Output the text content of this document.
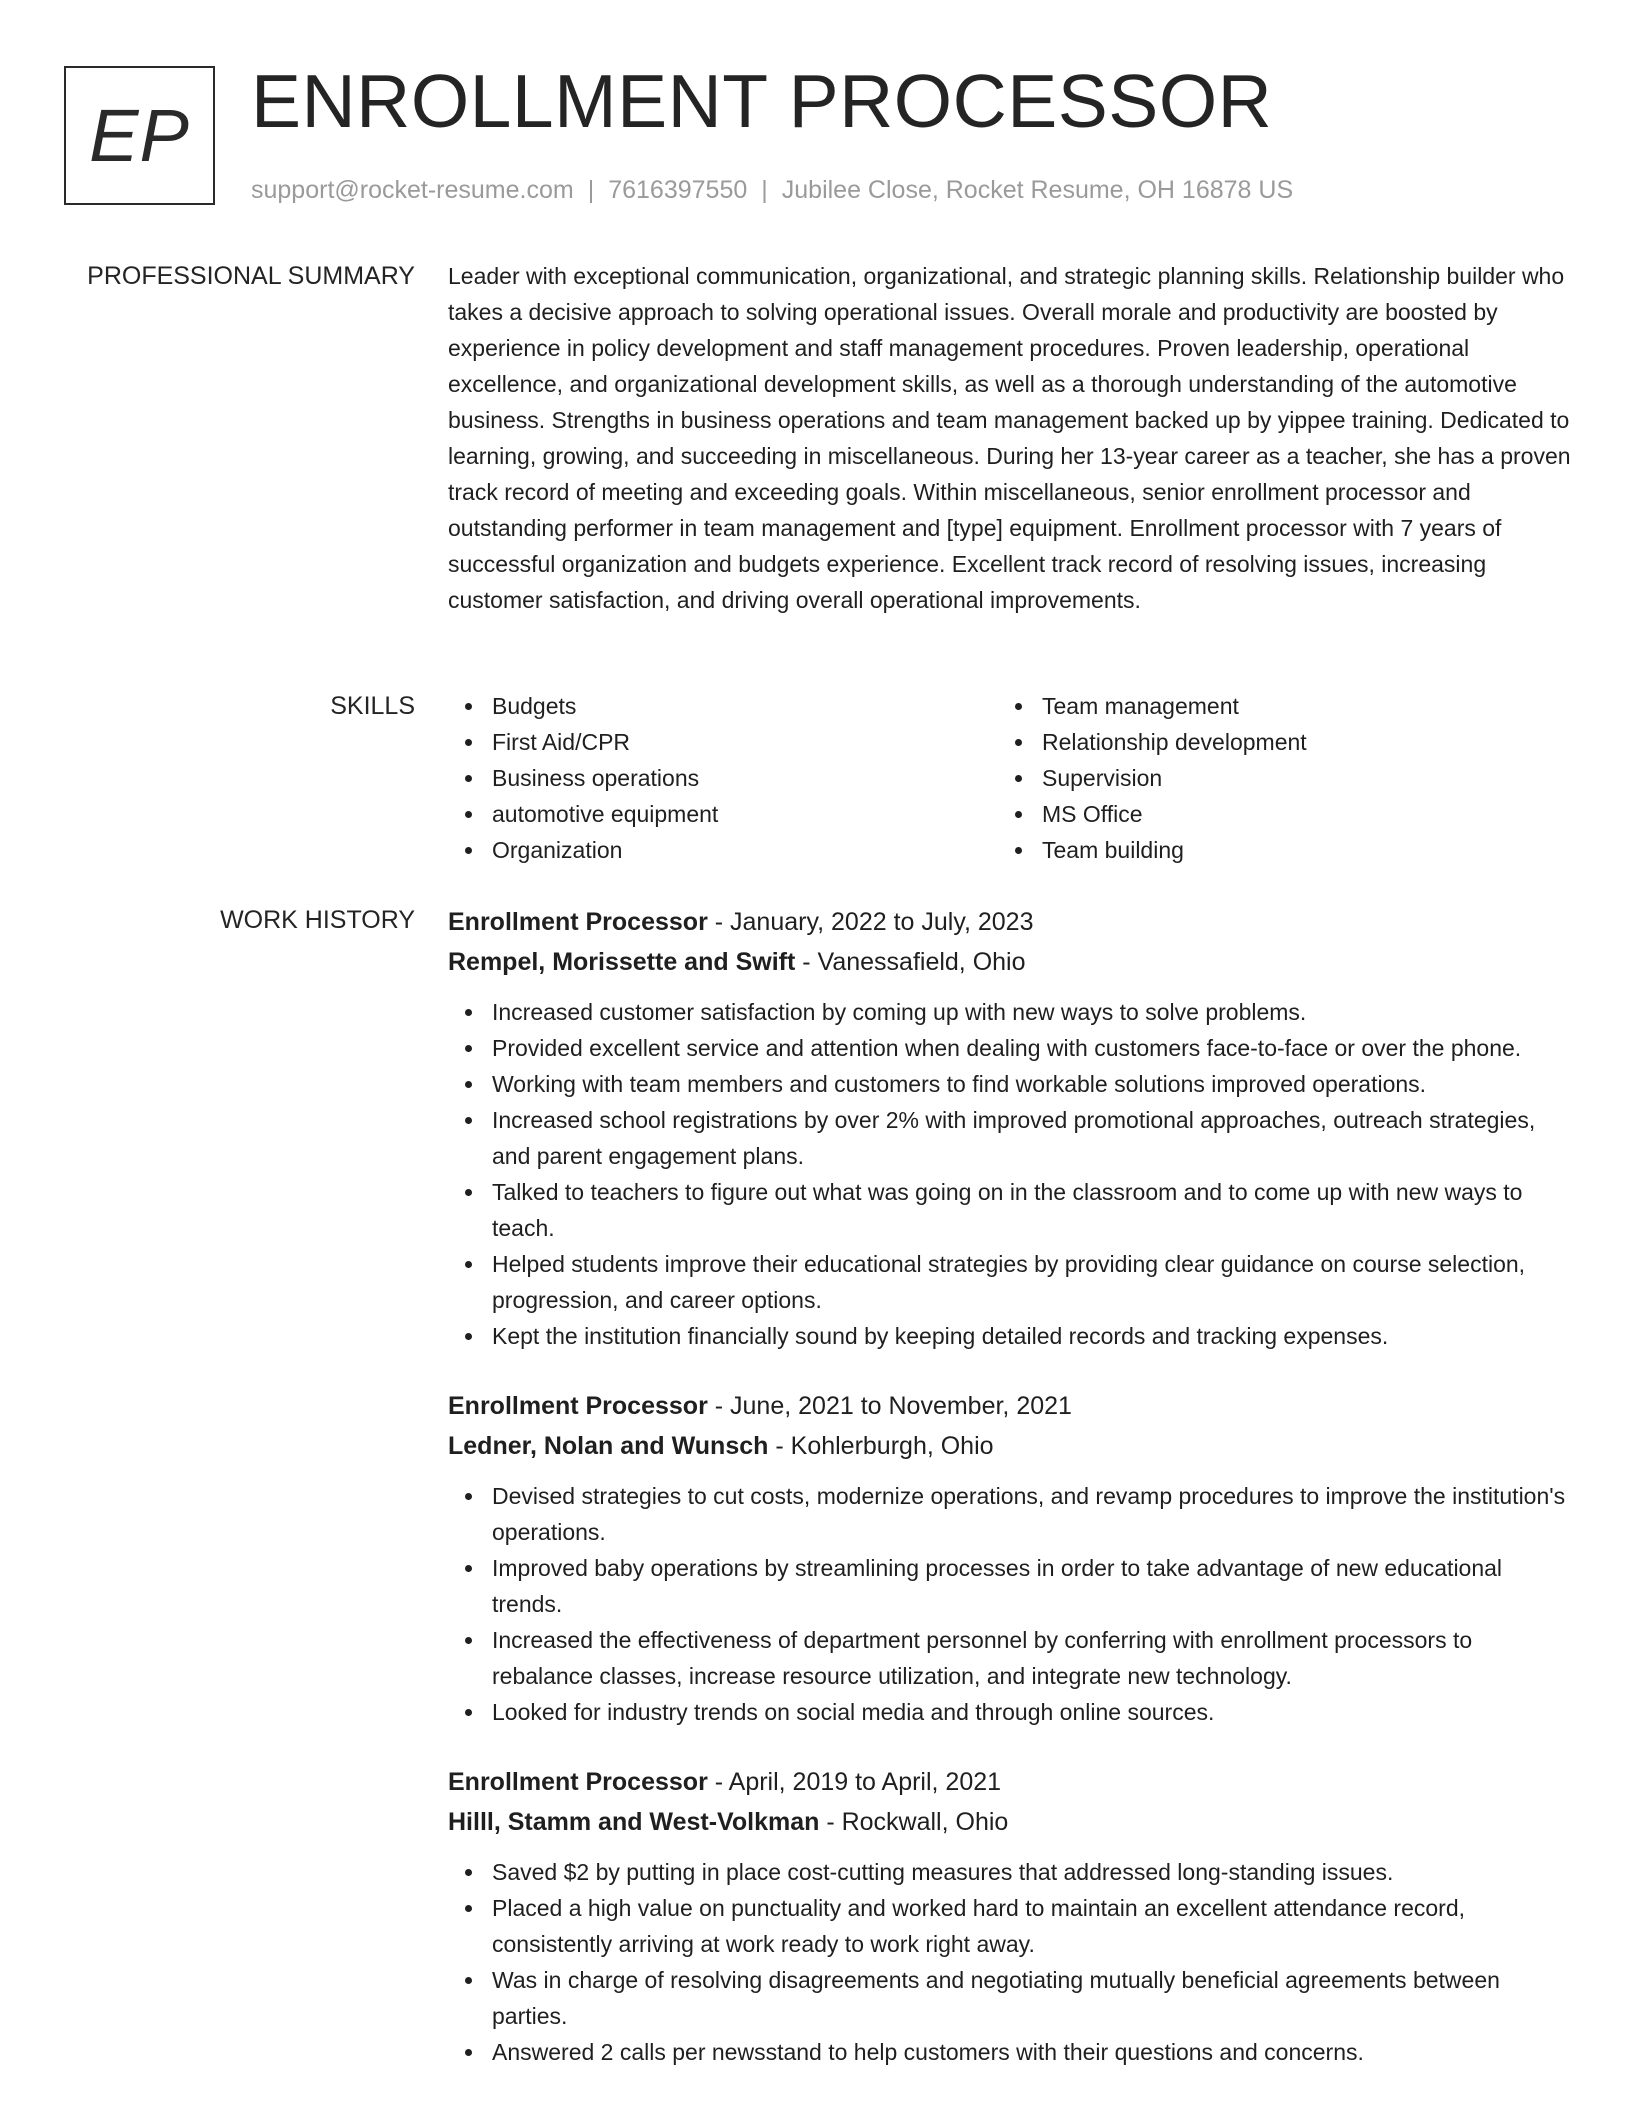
EP ENROLLMENT PROCESSOR
support@rocket-resume.com | 7616397550 | Jubilee Close, Rocket Resume, OH 16878 US
PROFESSIONAL SUMMARY Leader with exceptional communication, organizational, and strategic planning skills. Relationship builder who takes a decisive approach to solving operational issues. Overall morale and productivity are boosted by experience in policy development and staff management procedures. Proven leadership, operational excellence, and organizational development skills, as well as a thorough understanding of the automotive business. Strengths in business operations and team management backed up by yippee training. Dedicated to learning, growing, and succeeding in miscellaneous. During her 13-year career as a teacher, she has a proven track record of meeting and exceeding goals. Within miscellaneous, senior enrollment processor and outstanding performer in team management and [type] equipment. Enrollment processor with 7 years of successful organization and budgets experience. Excellent track record of resolving issues, increasing customer satisfaction, and driving overall operational improvements.

SKILLS	Budgets
First Aid/CPR
Business operations
automotive equipment
Organization
Team management
Relationship development
Supervision
MS Office
Team building
WORK HISTORY Enrollment Processor - January, 2022 to July, 2023
Rempel, Morissette and Swift - Vanessafield, Ohio
Increased customer satisfaction by coming up with new ways to solve problems.
Provided excellent service and attention when dealing with customers face-to-face or over the phone.
Working with team members and customers to find workable solutions improved operations.
Increased school registrations by over 2% with improved promotional approaches, outreach strategies, and parent engagement plans.
Talked to teachers to figure out what was going on in the classroom and to come up with new ways to teach.
Helped students improve their educational strategies by providing clear guidance on course selection, progression, and career options.
Kept the institution financially sound by keeping detailed records and tracking expenses.
Enrollment Processor - June, 2021 to November, 2021
Ledner, Nolan and Wunsch - Kohlerburgh, Ohio
Devised strategies to cut costs, modernize operations, and revamp procedures to improve the institution's operations.
Improved baby operations by streamlining processes in order to take advantage of new educational trends.
Increased the effectiveness of department personnel by conferring with enrollment processors to rebalance classes, increase resource utilization, and integrate new technology.
Looked for industry trends on social media and through online sources.
Enrollment Processor - April, 2019 to April, 2021
Hilll, Stamm and West-Volkman - Rockwall, Ohio
Saved $2 by putting in place cost-cutting measures that addressed long-standing issues.
Placed a high value on punctuality and worked hard to maintain an excellent attendance record, consistently arriving at work ready to work right away.
Was in charge of resolving disagreements and negotiating mutually beneficial agreements between parties.
Answered 2 calls per newsstand to help customers with their questions and concerns.
